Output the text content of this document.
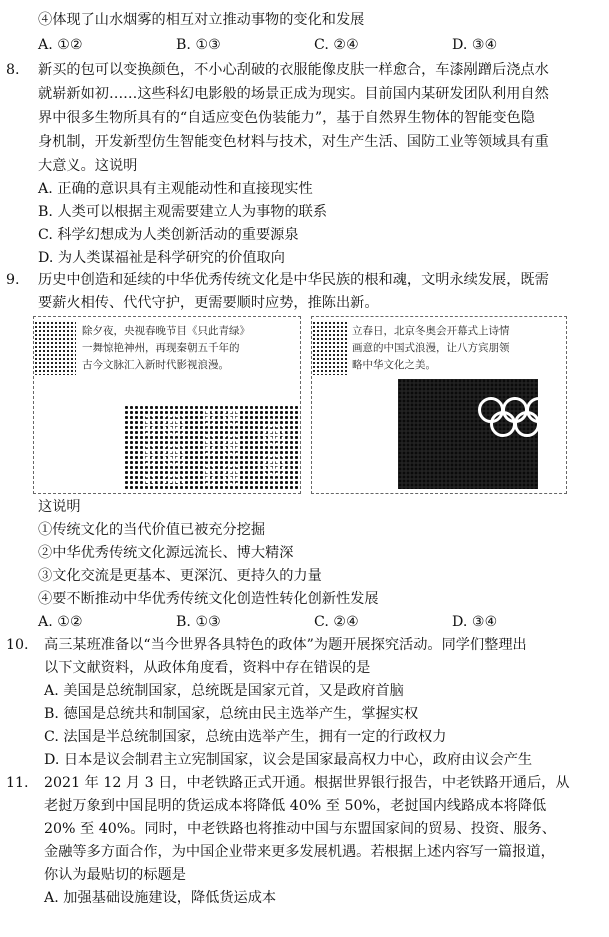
④体现了山水烟雾的相互对立推动事物的变化和发展
A. ①②	B. ①③	C. ②④	D. ③④
8. 新买的包可以变换颜色，不小心刮破的衣服能像皮肤一样愈合，车漆剐蹭后浇点水
就崭新如初……这些科幻电影般的场景正成为现实。目前国内某研发团队利用自然
界中很多生物所具有的“自适应变色伪装能力”，基于自然界生物体的智能变色隐
身机制，开发新型仿生智能变色材料与技术，对生产生活、国防工业等领域具有重
大意义。这说明
A. 正确的意识具有主观能动性和直接现实性
B. 人类可以根据主观需要建立人为事物的联系
C. 科学幻想成为人类创新活动的重要源泉
D. 为人类谋福祉是科学研究的价值取向
9. 历史中创造和延续的中华优秀传统文化是中华民族的根和魂，文明永续发展，既需
要薪火相传、代代守护，更需要顺时应势，推陈出新。
除夕夜，央视春晚节目《只此青绿》
一舞惊艳神州，再现秦朝五千年的
古今文脉汇入新时代影视浪漫。
立春日，北京冬奥会开幕式上诗情
画意的中国式浪漫，让八方宾朋领
略中华文化之美。
这说明
①传统文化的当代价值已被充分挖掘
②中华优秀传统文化源远流长、博大精深
③文化交流是更基本、更深沉、更持久的力量
④要不断推动中华优秀传统文化创造性转化创新性发展
A. ①②	B. ①③	C. ②④	D. ③④
10. 高三某班准备以“当今世界各具特色的政体”为题开展探究活动。同学们整理出
以下文献资料，从政体角度看，资料中存在错误的是
A. 美国是总统制国家，总统既是国家元首，又是政府首脑
B. 德国是总统共和制国家，总统由民主选举产生，掌握实权
C. 法国是半总统制国家，总统由选举产生，拥有一定的行政权力
D. 日本是议会制君主立宪制国家，议会是国家最高权力中心，政府由议会产生
11. 2021 年 12 月 3 日，中老铁路正式开通。根据世界银行报告，中老铁路开通后，从
老挝万象到中国昆明的货运成本将降低 40% 至 50%，老挝国内线路成本将降低
20% 至 40%。同时，中老铁路也将推动中国与东盟国家间的贸易、投资、服务、
金融等多方面合作，为中国企业带来更多发展机遇。若根据上述内容写一篇报道，
你认为最贴切的标题是
A. 加强基础设施建设，降低货运成本
